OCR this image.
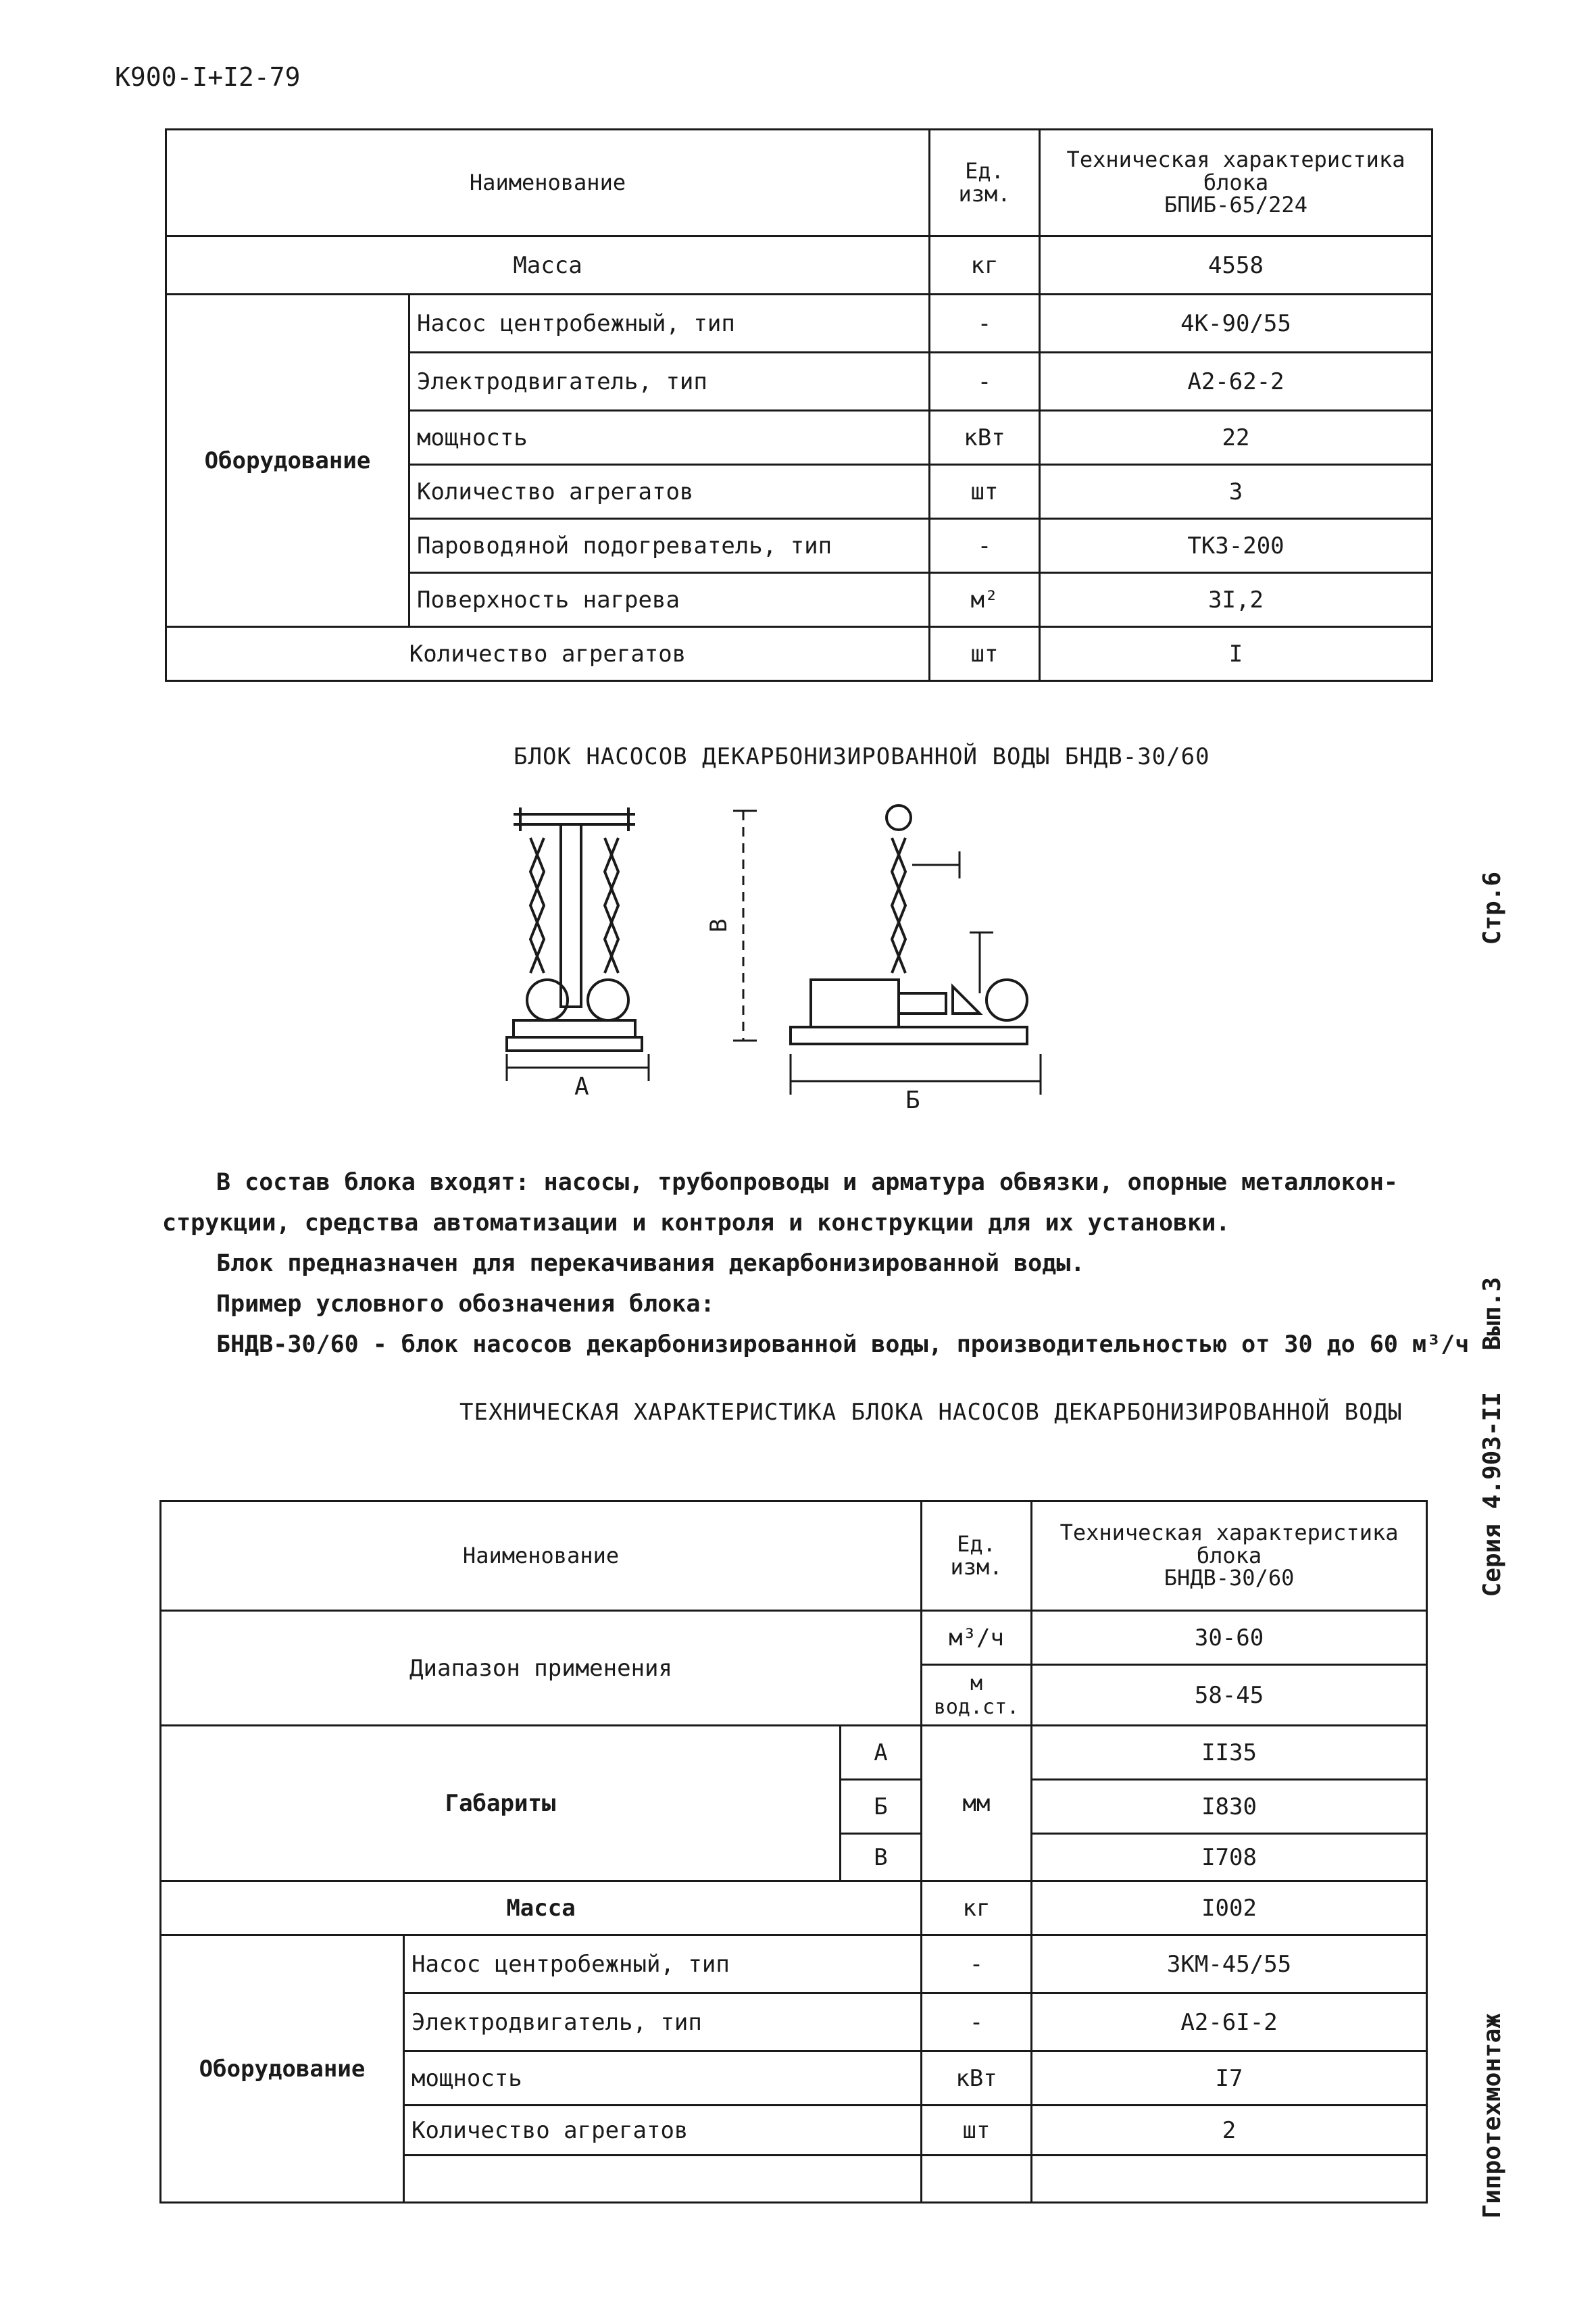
К900-I+I2-79
Наименование		Ед. изм.	Техническая характеристика
блока
БПИБ-65/224

Масса		кг	4558
Оборудование	Насос центробежный, тип	-	4К-90/55
	Электродвигатель, тип	-	А2-62-2
	мощность	кВт	22
	Количество агрегатов	шт	3
	Пароводяной подогреватель, тип	-	ТКЗ-200
	Поверхность нагрева	м²	3I,2
Количество агрегатов		шт	I
БЛОК НАСОСОВ ДЕКАРБОНИЗИРОВАННОЙ ВОДЫ БНДВ-30/60
А
В
Б
В состав блока входят: насосы, трубопроводы и арматура обвязки, опорные металлокон-
струкции, средства автоматизации и контроля и конструкции для их установки.
Блок предназначен для перекачивания декарбонизированной воды.
Пример условного обозначения блока:
БНДВ-30/60 - блок насосов декарбонизированной воды, производительностью от 30 до 60 м³/ч
ТЕХНИЧЕСКАЯ ХАРАКТЕРИСТИКА БЛОКА НАСОСОВ ДЕКАРБОНИЗИРОВАННОЙ ВОДЫ
Наименование			Ед. изм.	Техническая характеристика
блока
БНДВ-30/60

Диапазон применения			м³/ч	30-60
			м вод.ст.	58-45
Габариты		А	мм	II35
		Б		I830
		В		I708
Масса			кг	I002
Оборудование	Насос центробежный, тип		-	3КМ-45/55
	Электродвигатель, тип		-	А2-6I-2
	мощность		кВт	I7
	Количество агрегатов		шт	2

Стр.6
Серия 4.903-II
Вып.3
Гипротехмонтаж
